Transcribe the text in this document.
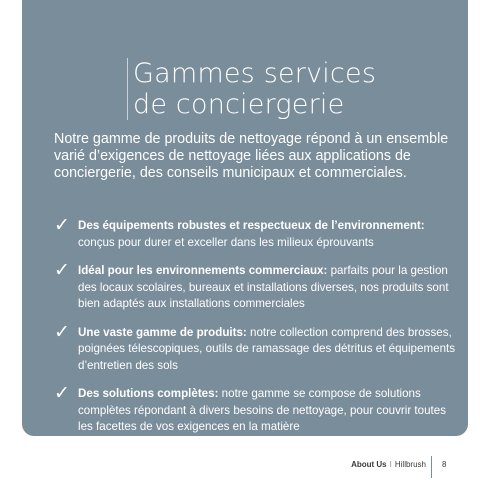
Gammes services
de conciergerie

Notre gamme de produits de nettoyage répond à un ensemble varié d’exigences de nettoyage liées aux applications de conciergerie, des conseils municipaux et commerciales.

✓ Des équipements robustes et respectueux de l’environnement: conçus pour durer et exceller dans les milieux éprouvants
✓ Idéal pour les environnements commerciaux: parfaits pour la gestion des locaux scolaires, bureaux et installations diverses, nos produits sont bien adaptés aux installations commerciales
✓ Une vaste gamme de produits: notre collection comprend des brosses, poignées télescopiques, outils de ramassage des détritus et équipements d’entretien des sols
✓ Des solutions complètes: notre gamme se compose de solutions complètes répondant à divers besoins de nettoyage, pour couvrir toutes les facettes de vos exigences en la matière
About Us I Hillbrush 8
